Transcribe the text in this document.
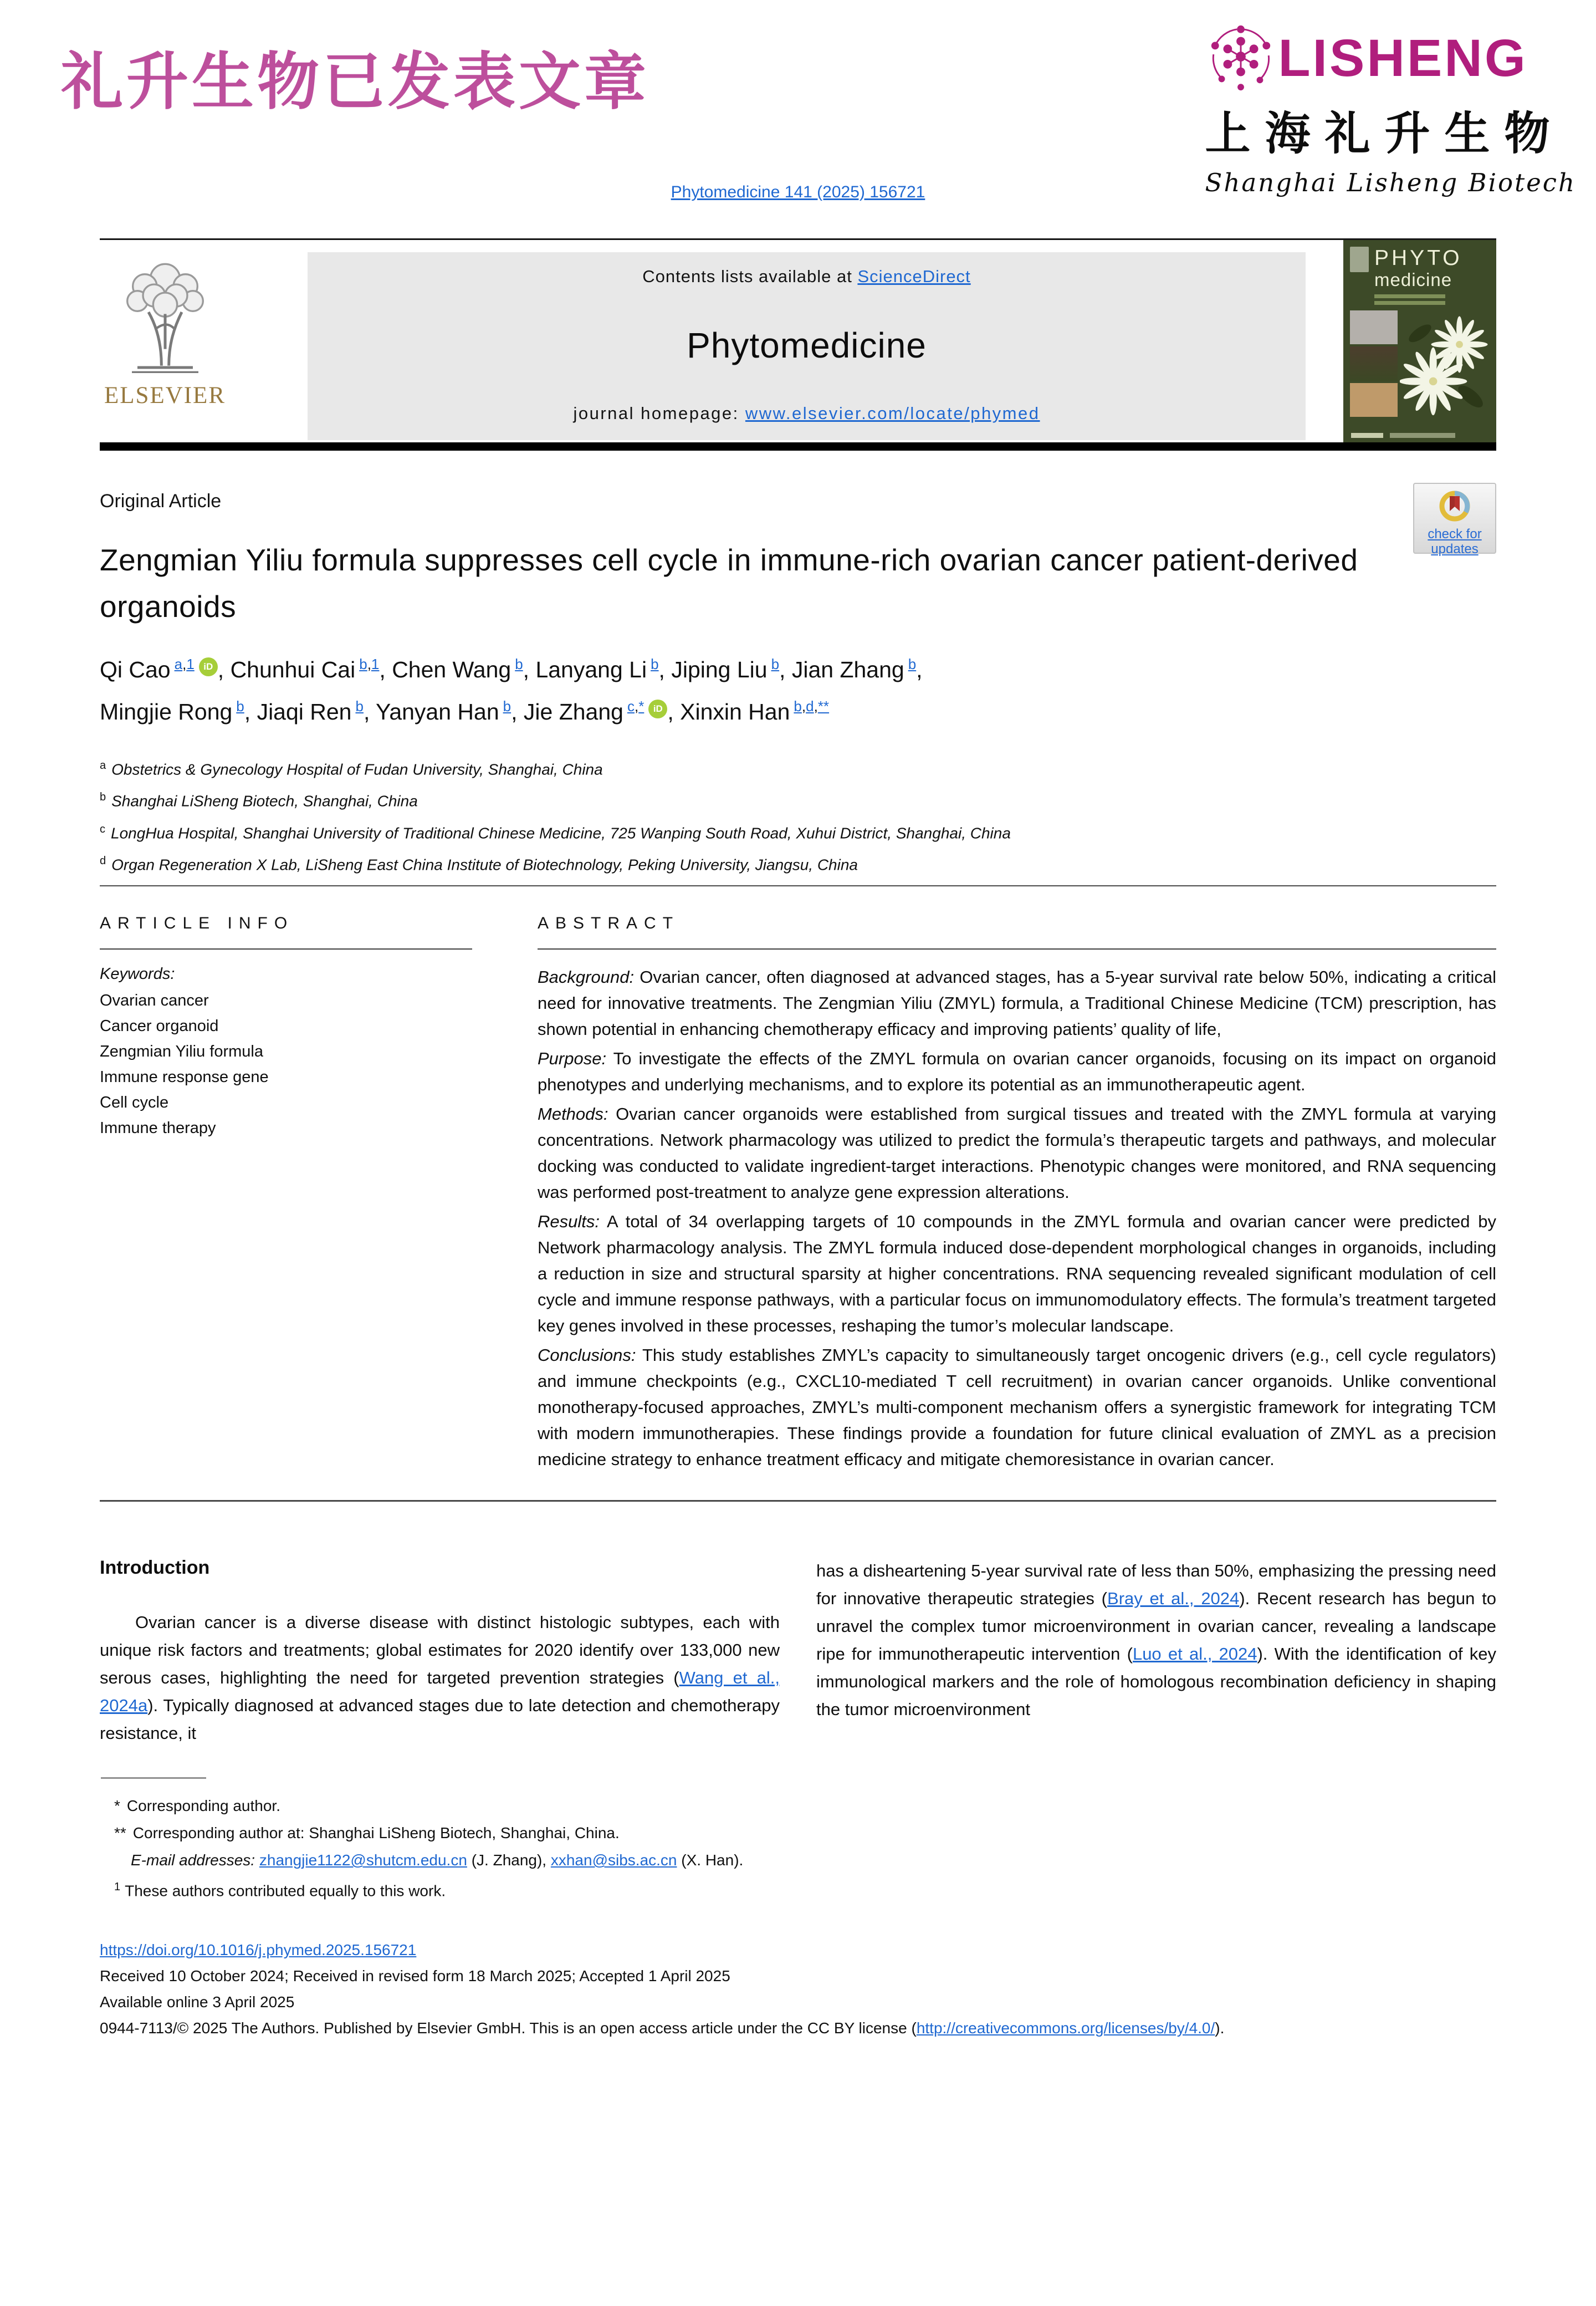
礼升生物已发表文章	LISHENG
上海礼升生物
Shanghai Lisheng Biotech
Phytomedicine 141 (2025) 156721
ELSEVIER
Contents lists available at ScienceDirect
Phytomedicine
journal homepage: www.elsevier.com/locate/phymed
PHYTO
medicine
Original Article
check for
updates
Zengmian Yiliu formula suppresses cell cycle in immune-rich ovarian cancer patient-derived organoids
Qi Cao $^{a,1}$ iD , Chunhui Cai $^{b,1}$, Chen Wang $^b$, Lanyang Li $^b$, Jiping Liu $^b$, Jian Zhang $^b$,
Mingjie Rong $^b$, Jiaqi Ren $^b$, Yanyan Han $^b$, Jie Zhang $^{c,*}$ iD , Xinxin Han $^{b,d,**}$
$^a$ Obstetrics & Gynecology Hospital of Fudan University, Shanghai, China
$^b$ Shanghai LiSheng Biotech, Shanghai, China
$^c$ LongHua Hospital, Shanghai University of Traditional Chinese Medicine, 725 Wanping South Road, Xuhui District, Shanghai, China
$^d$ Organ Regeneration X Lab, LiSheng East China Institute of Biotechnology, Peking University, Jiangsu, China
ARTICLE INFO
Keywords:
Ovarian cancer
Cancer organoid
Zengmian Yiliu formula
Immune response gene
Cell cycle
Immune therapy
ABSTRACT

Background: Ovarian cancer, often diagnosed at advanced stages, has a 5-year survival rate below 50%, indicating a critical need for innovative treatments. The Zengmian Yiliu (ZMYL) formula, a Traditional Chinese Medicine (TCM) prescription, has shown potential in enhancing chemotherapy efficacy and improving patients’ quality of life,

Purpose: To investigate the effects of the ZMYL formula on ovarian cancer organoids, focusing on its impact on organoid phenotypes and underlying mechanisms, and to explore its potential as an immunotherapeutic agent.

Methods: Ovarian cancer organoids were established from surgical tissues and treated with the ZMYL formula at varying concentrations. Network pharmacology was utilized to predict the formula’s therapeutic targets and pathways, and molecular docking was conducted to validate ingredient-target interactions. Phenotypic changes were monitored, and RNA sequencing was performed post-treatment to analyze gene expression alterations.

Results: A total of 34 overlapping targets of 10 compounds in the ZMYL formula and ovarian cancer were predicted by Network pharmacology analysis. The ZMYL formula induced dose-dependent morphological changes in organoids, including a reduction in size and structural sparsity at higher concentrations. RNA sequencing revealed significant modulation of cell cycle and immune response pathways, with a particular focus on immunomodulatory effects. The formula’s treatment targeted key genes involved in these processes, reshaping the tumor’s molecular landscape.

Conclusions: This study establishes ZMYL’s capacity to simultaneously target oncogenic drivers (e.g., cell cycle regulators) and immune checkpoints (e.g., CXCL10-mediated T cell recruitment) in ovarian cancer organoids. Unlike conventional monotherapy-focused approaches, ZMYL’s multi-component mechanism offers a synergistic framework for integrating TCM with modern immunotherapies. These findings provide a foundation for future clinical evaluation of ZMYL as a precision medicine strategy to enhance treatment efficacy and mitigate chemoresistance in ovarian cancer.

Introduction

Ovarian cancer is a diverse disease with distinct histologic subtypes, each with unique risk factors and treatments; global estimates for 2020 identify over 133,000 new serous cases, highlighting the need for targeted prevention strategies (Wang et al., 2024a). Typically diagnosed at advanced stages due to late detection and chemotherapy resistance, it

has a disheartening 5-year survival rate of less than 50%, emphasizing the pressing need for innovative therapeutic strategies (Bray et al., 2024). Recent research has begun to unravel the complex tumor microenvironment in ovarian cancer, revealing a landscape ripe for immunotherapeutic intervention (Luo et al., 2024). With the identification of key immunological markers and the role of homologous recombination deficiency in shaping the tumor microenvironment

* Corresponding author.
** Corresponding author at: Shanghai LiSheng Biotech, Shanghai, China.
E-mail addresses: zhangjie1122@shutcm.edu.cn (J. Zhang), xxhan@sibs.ac.cn (X. Han).
$^1$ These authors contributed equally to this work.
https://doi.org/10.1016/j.phymed.2025.156721
Received 10 October 2024; Received in revised form 18 March 2025; Accepted 1 April 2025
Available online 3 April 2025
0944-7113/© 2025 The Authors. Published by Elsevier GmbH. This is an open access article under the CC BY license (http://creativecommons.org/licenses/by/4.0/).
